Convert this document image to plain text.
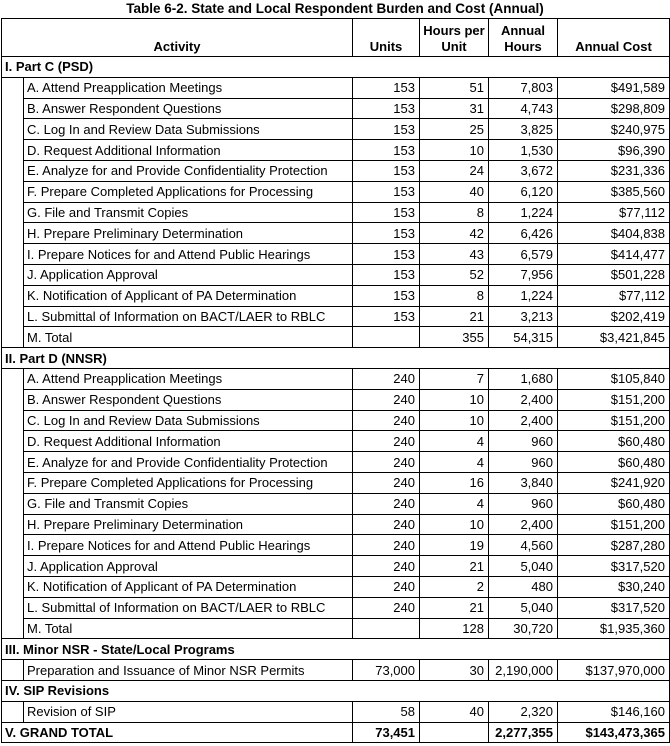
Table 6-2. State and Local Respondent Burden and Cost (Annual)
Activity		Units	Hours per Unit	Annual Hours	Annual Cost
I. Part C (PSD)					
	A. Attend Preapplication Meetings	153	51	7,803	$491,589
	B. Answer Respondent Questions	153	31	4,743	$298,809
	C. Log In and Review Data Submissions	153	25	3,825	$240,975
	D. Request Additional Information	153	10	1,530	$96,390
	E. Analyze for and Provide Confidentiality Protection	153	24	3,672	$231,336
	F. Prepare Completed Applications for Processing	153	40	6,120	$385,560
	G. File and Transmit Copies	153	8	1,224	$77,112
	H. Prepare Preliminary Determination	153	42	6,426	$404,838
	I. Prepare Notices for and Attend Public Hearings	153	43	6,579	$414,477
	J. Application Approval	153	52	7,956	$501,228
	K. Notification of Applicant of PA Determination	153	8	1,224	$77,112
	L. Submittal of Information on BACT/LAER to RBLC	153	21	3,213	$202,419
	M. Total		355	54,315	$3,421,845
II. Part D (NNSR)					
	A. Attend Preapplication Meetings	240	7	1,680	$105,840
	B. Answer Respondent Questions	240	10	2,400	$151,200
	C. Log In and Review Data Submissions	240	10	2,400	$151,200
	D. Request Additional Information	240	4	960	$60,480
	E. Analyze for and Provide Confidentiality Protection	240	4	960	$60,480
	F. Prepare Completed Applications for Processing	240	16	3,840	$241,920
	G. File and Transmit Copies	240	4	960	$60,480
	H. Prepare Preliminary Determination	240	10	2,400	$151,200
	I. Prepare Notices for and Attend Public Hearings	240	19	4,560	$287,280
	J. Application Approval	240	21	5,040	$317,520
	K. Notification of Applicant of PA Determination	240	2	480	$30,240
	L. Submittal of Information on BACT/LAER to RBLC	240	21	5,040	$317,520
	M. Total		128	30,720	$1,935,360
III. Minor NSR - State/Local Programs					
	Preparation and Issuance of Minor NSR Permits	73,000	30	2,190,000	$137,970,000
IV. SIP Revisions					
	Revision of SIP	58	40	2,320	$146,160
V. GRAND TOTAL		73,451		2,277,355	$143,473,365
